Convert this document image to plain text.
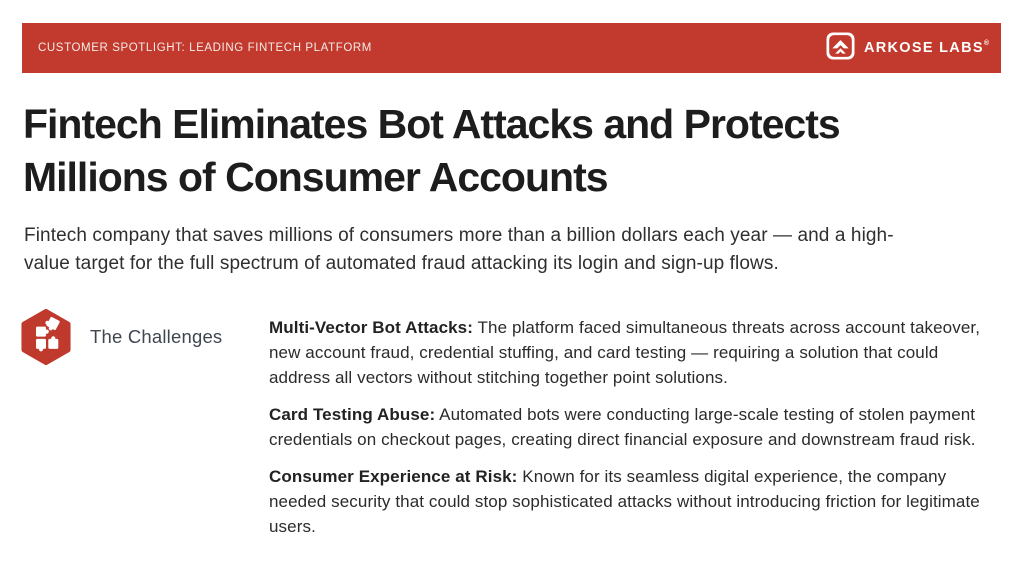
CUSTOMER SPOTLIGHT: LEADING FINTECH PLATFORM	ARKOSE LABS®
Fintech Eliminates Bot Attacks and Protects Millions of Consumer Accounts

Fintech company that saves millions of consumers more than a billion dollars each year — and a high-value target for the full spectrum of automated fraud attacking its login and sign-up flows.

The Challenges	Multi-Vector Bot Attacks: The platform faced simultaneous threats across account takeover, new account fraud, credential stuffing, and card testing — requiring a solution that could address all vectors without stitching together point solutions.

Card Testing Abuse: Automated bots were conducting large-scale testing of stolen payment credentials on checkout pages, creating direct financial exposure and downstream fraud risk.

Consumer Experience at Risk: Known for its seamless digital experience, the company needed security that could stop sophisticated attacks without introducing friction for legitimate users.
